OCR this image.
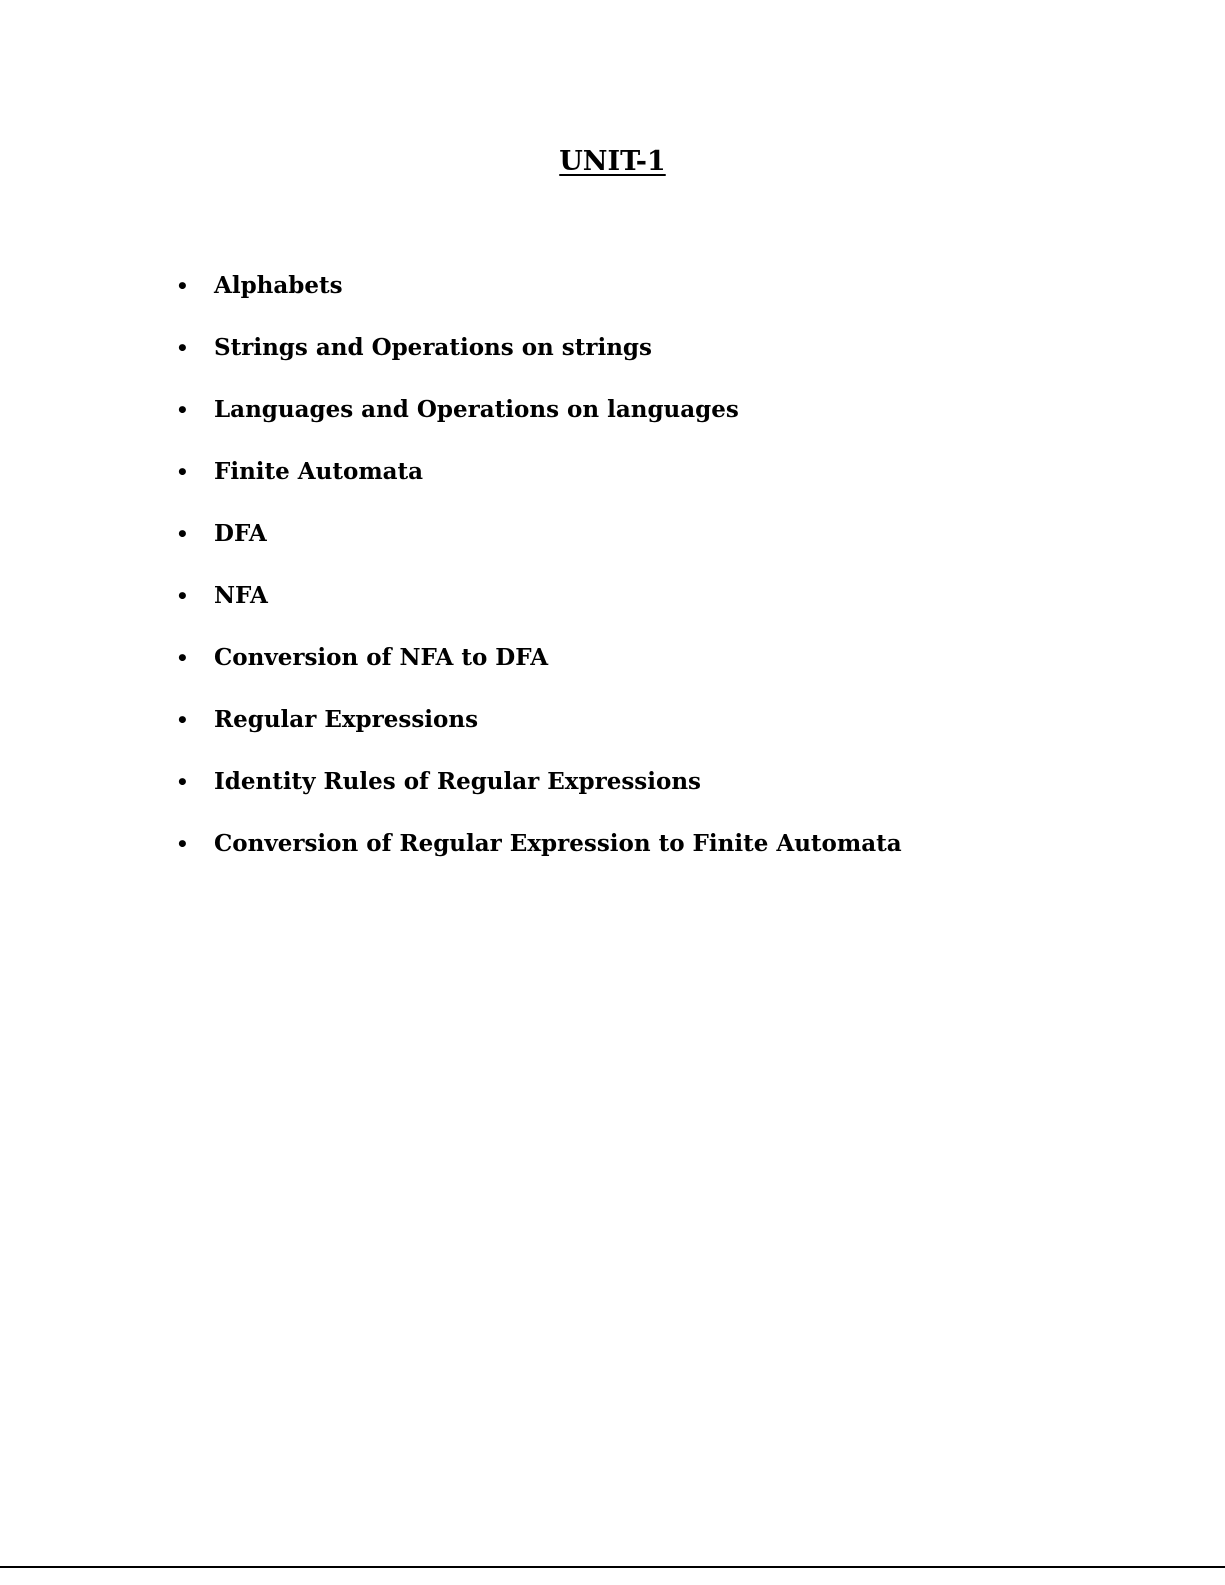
UNIT-1
•	Alphabets
•	Strings and Operations on strings
•	Languages and Operations on languages
•	Finite Automata
•	DFA
•	NFA
•	Conversion of NFA to DFA
•	Regular Expressions
•	Identity Rules of Regular Expressions
•	Conversion of Regular Expression to Finite Automata
